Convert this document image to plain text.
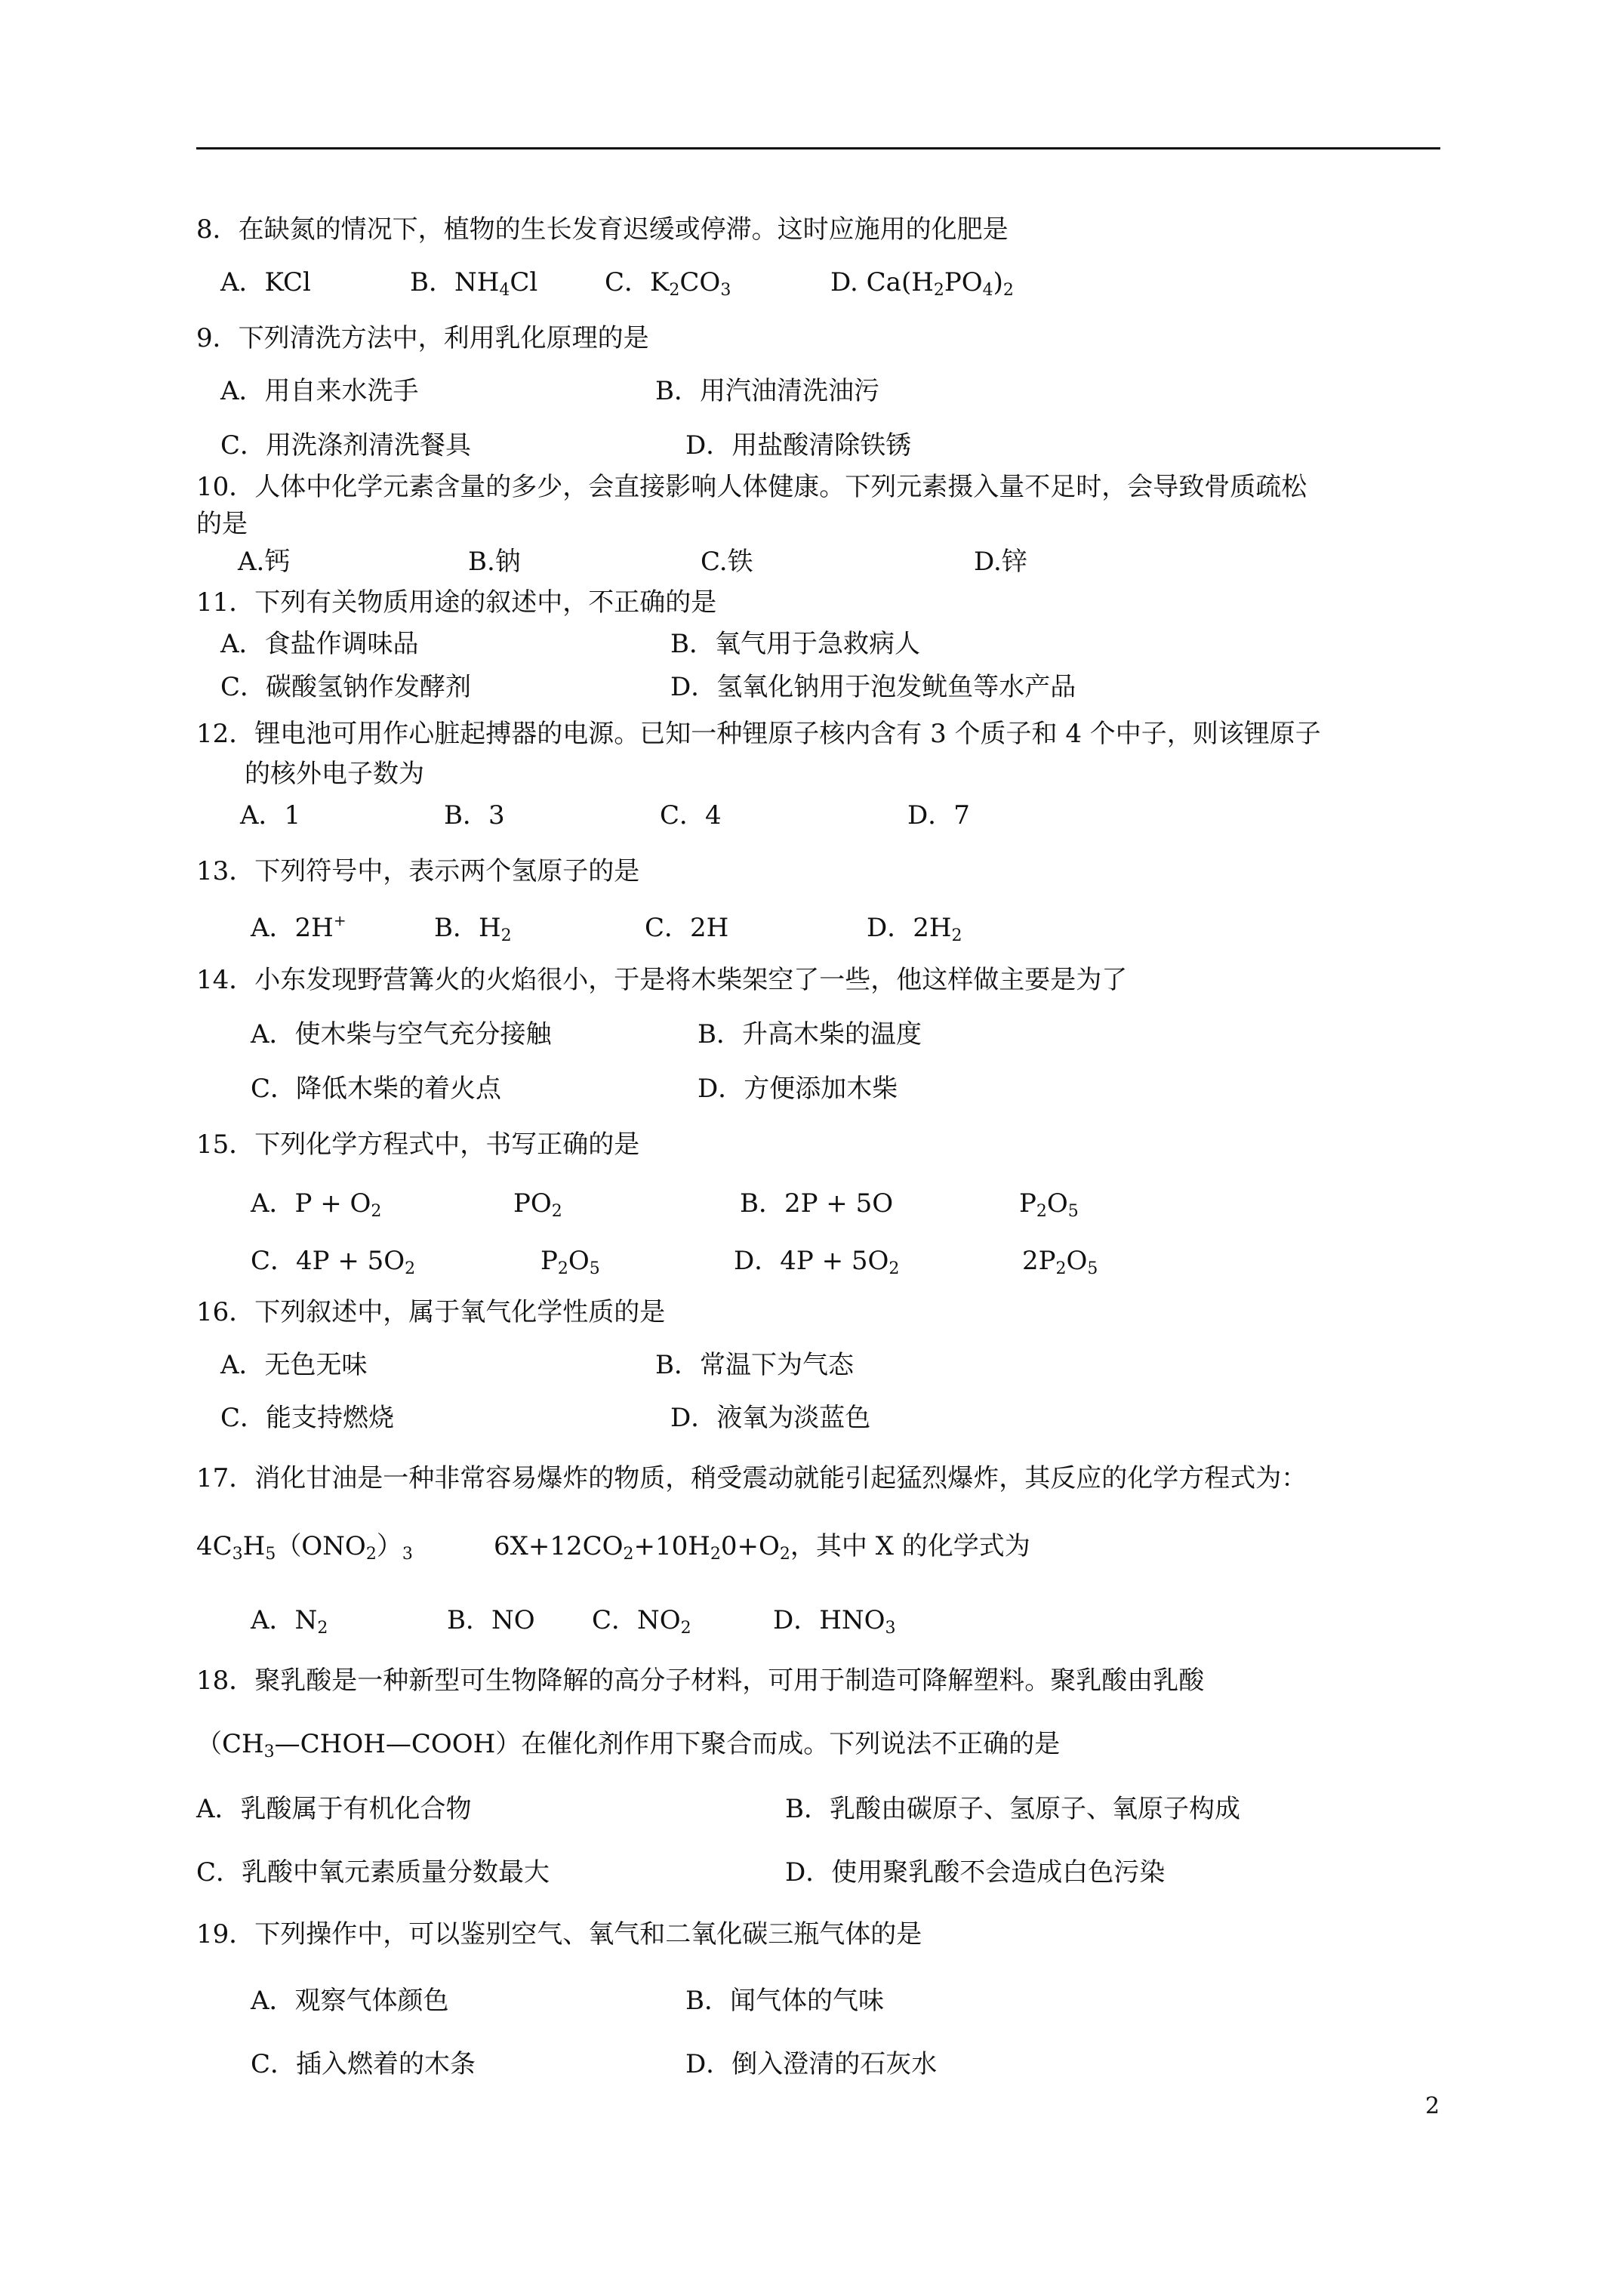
8．在缺氮的情况下，植物的生长发育迟缓或停滞。这时应施用的化肥是
A．KCl	B．$NH_4Cl$	C．$K_2CO_3$	D. $Ca(H_2PO_4)_2$
9．下列清洗方法中，利用乳化原理的是
A．用自来水洗手	B．用汽油清洗油污
C．用洗涤剂清洗餐具	D．用盐酸清除铁锈
10．人体中化学元素含量的多少，会直接影响人体健康。下列元素摄入量不足时，会导致骨质疏松
的是
A.钙	B.钠	C.铁	D.锌
11．下列有关物质用途的叙述中，不正确的是
A．食盐作调味品	B．氧气用于急救病人
C．碳酸氢钠作发酵剂	D．氢氧化钠用于泡发鱿鱼等水产品
12．锂电池可用作心脏起搏器的电源。已知一种锂原子核内含有 3 个质子和 4 个中子，则该锂原子
的核外电子数为
A．1	B．3	C．4	D．7
13．下列符号中，表示两个氢原子的是
A．2H+	B．$H_2$	C．2H	D．$2H_2$
14．小东发现野营篝火的火焰很小，于是将木柴架空了一些，他这样做主要是为了
A．使木柴与空气充分接触	B．升高木柴的温度
C．降低木柴的着火点	D．方便添加木柴
15．下列化学方程式中，书写正确的是
A．$P + O_2$	$PO_2$	B．2P + 5O	$P_2O_5$
C．$4P + 5O_2$	$P_2O_5$	D．$4P + 5O_2$	$2P_2O_5$
16．下列叙述中，属于氧气化学性质的是
A．无色无味	B．常温下为气态
C．能支持燃烧	D．液氧为淡蓝色
17．消化甘油是一种非常容易爆炸的物质，稍受震动就能引起猛烈爆炸，其反应的化学方程式为：
$4C_3H_5(ONO_2)_3$	$6X+12CO_2+10H_20+O_2$，其中 X 的化学式为
A．$N_2$	B．NO C．$NO_2$	D．$HNO_3$
18．聚乳酸是一种新型可生物降解的高分子材料，可用于制造可降解塑料。聚乳酸由乳酸
$(CH_3—CHOH—COOH)$在催化剂作用下聚合而成。下列说法不正确的是
A．乳酸属于有机化合物	B．乳酸由碳原子、氢原子、氧原子构成
C．乳酸中氧元素质量分数最大	D．使用聚乳酸不会造成白色污染
19．下列操作中，可以鉴别空气、氧气和二氧化碳三瓶气体的是
A．观察气体颜色	B．闻气体的气味
C．插入燃着的木条	D．倒入澄清的石灰水
2
